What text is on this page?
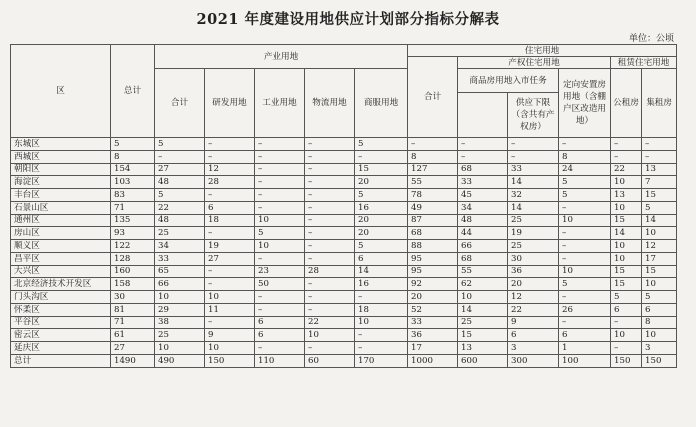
2021 年度建设用地供应计划部分指标分解表
单位：公顷
区	总计	产业用地					住宅用地					
							合计	产权住宅用地			租赁住宅用地	
		合计	研发用地	工业用地	物流用地	商服用地		商品房用地入市任务		定向安置房用地（含棚户区改造用地）	公租房	集租房
									供应下限（含共有产权房）			
东城区	5	5	–	–	–	5	–	–	–	–	–	–
西城区	8	–	–	–	–	–	8	–	–	8	–	–
朝阳区	154	27	12	–	–	15	127	68	33	24	22	13
海淀区	103	48	28	–	–	20	55	33	14	5	10	7
丰台区	83	5	–	–	–	5	78	45	32	5	13	15
石景山区	71	22	6	–	–	16	49	34	14	–	10	5
通州区	135	48	18	10	–	20	87	48	25	10	15	14
房山区	93	25	–	5	–	20	68	44	19	–	14	10
顺义区	122	34	19	10	–	5	88	66	25	–	10	12
昌平区	128	33	27	–	–	6	95	68	30	–	10	17
大兴区	160	65	–	23	28	14	95	55	36	10	15	15
北京经济技术开发区	158	66	–	50	–	16	92	62	20	5	15	10
门头沟区	30	10	10	–	–	–	20	10	12	–	5	5
怀柔区	81	29	11	–	–	18	52	14	22	26	6	6
平谷区	71	38	–	6	22	10	33	25	9	–	–	8
密云区	61	25	9	6	10	–	36	15	6	6	10	10
延庆区	27	10	10	–	–	–	17	13	3	1	–	3
总计	1490	490	150	110	60	170	1000	600	300	100	150	150
